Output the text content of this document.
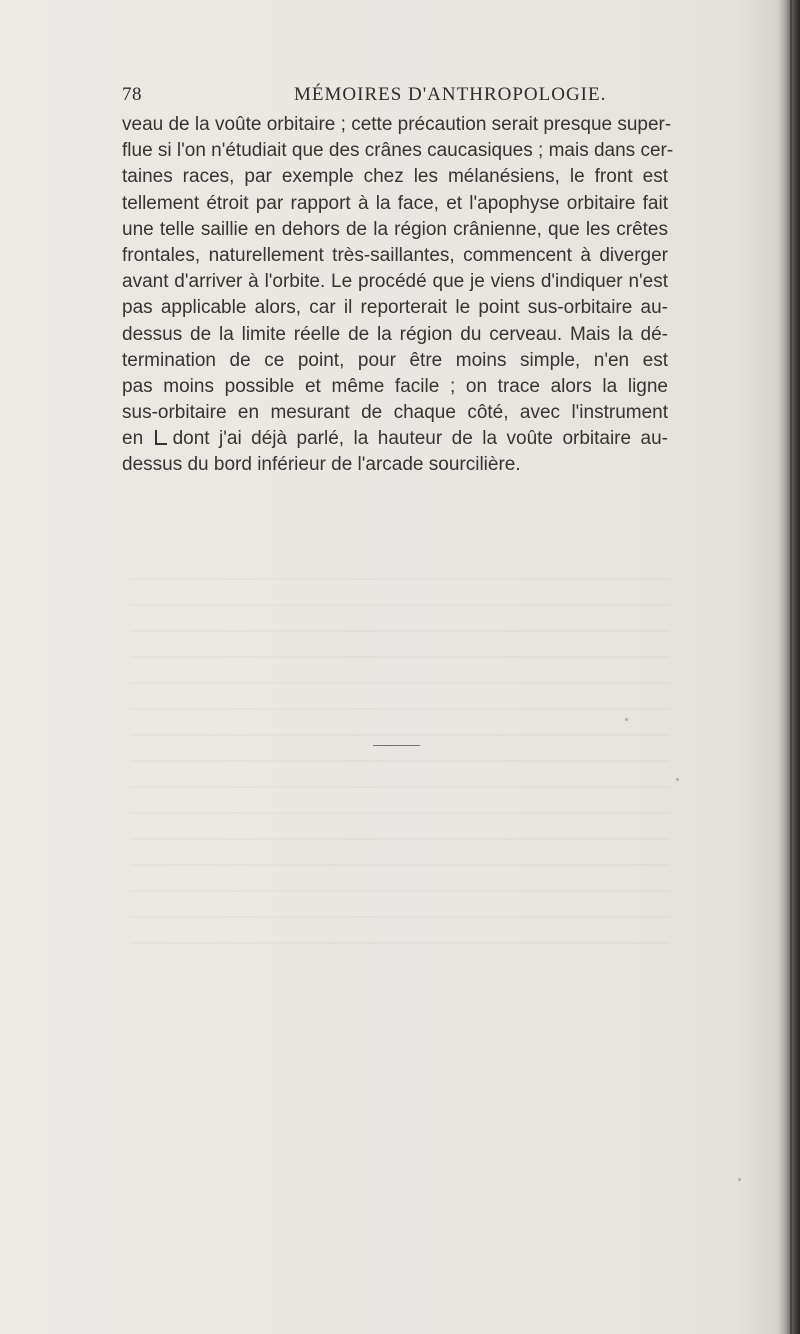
78	MÉMOIRES D'ANTHROPOLOGIE.
veau de la voûte orbitaire ; cette précaution serait presque super-
flue si l'on n'étudiait que des crânes caucasiques ; mais dans cer-
taines races, par exemple chez les mélanésiens, le front est
tellement étroit par rapport à la face, et l'apophyse orbitaire fait
une telle saillie en dehors de la région crânienne, que les crêtes
frontales, naturellement très-saillantes, commencent à diverger
avant d'arriver à l'orbite. Le procédé que je viens d'indiquer n'est
pas applicable alors, car il reporterait le point sus-orbitaire au-
dessus de la limite réelle de la région du cerveau. Mais la dé-
termination de ce point, pour être moins simple, n'en est
pas moins possible et même facile ; on trace alors la ligne
sus-orbitaire en mesurant de chaque côté, avec l'instrument
en dont j'ai déjà parlé, la hauteur de la voûte orbitaire au-
dessus du bord inférieur de l'arcade sourcilière.
